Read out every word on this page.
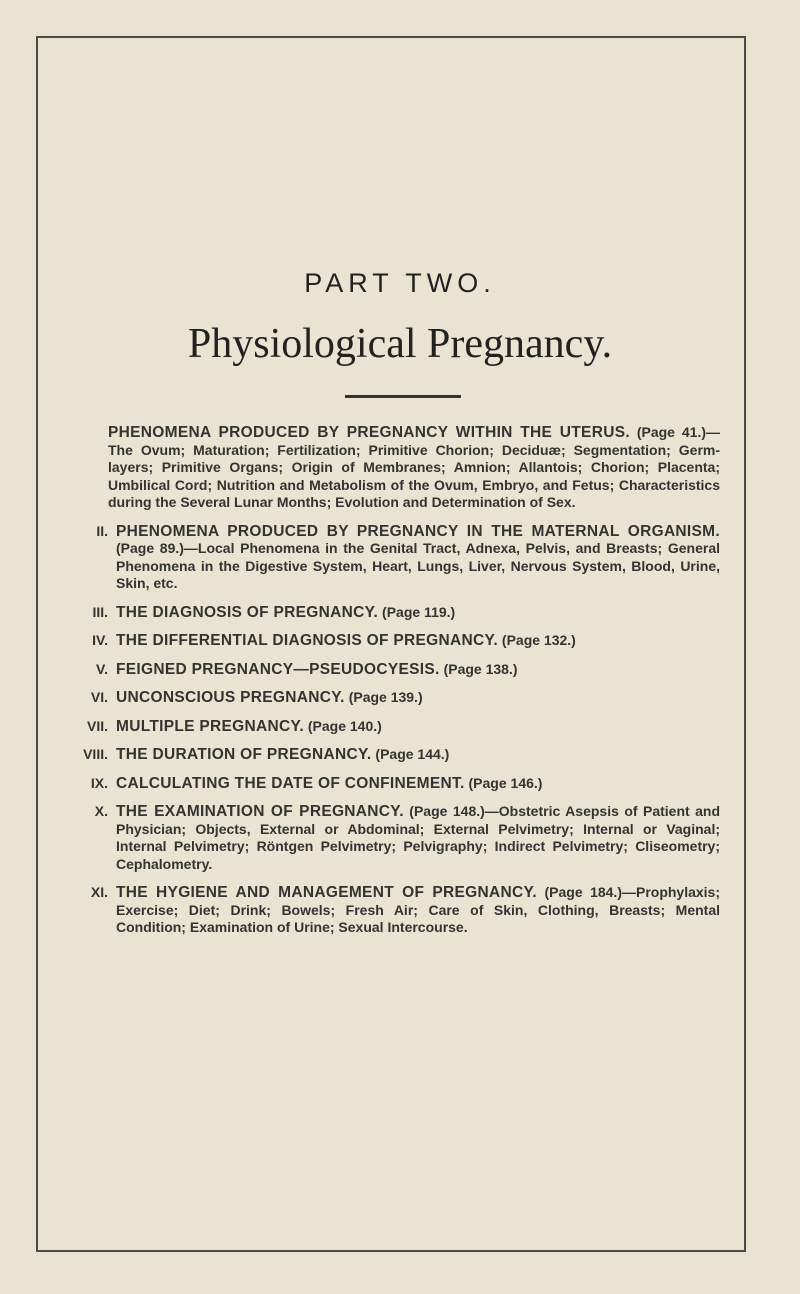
PART TWO.
Physiological Pregnancy.
PHENOMENA PRODUCED BY PREGNANCY WITHIN THE UTERUS. (Page 41.)—The Ovum; Maturation; Fertilization; Primitive Chorion; Deciduæ; Segmentation; Germ-layers; Primitive Organs; Origin of Membranes; Amnion; Allantois; Chorion; Placenta; Umbilical Cord; Nutrition and Metabolism of the Ovum, Embryo, and Fetus; Characteristics during the Several Lunar Months; Evolution and Determination of Sex.
II. PHENOMENA PRODUCED BY PREGNANCY IN THE MATERNAL ORGANISM. (Page 89.)—Local Phenomena in the Genital Tract, Adnexa, Pelvis, and Breasts; General Phenomena in the Digestive System, Heart, Lungs, Liver, Nervous System, Blood, Urine, Skin, etc.
III. THE DIAGNOSIS OF PREGNANCY. (Page 119.)
IV. THE DIFFERENTIAL DIAGNOSIS OF PREGNANCY. (Page 132.)
V. FEIGNED PREGNANCY—PSEUDOCYESIS. (Page 138.)
VI. UNCONSCIOUS PREGNANCY. (Page 139.)
VII. MULTIPLE PREGNANCY. (Page 140.)
VIII. THE DURATION OF PREGNANCY. (Page 144.)
IX. CALCULATING THE DATE OF CONFINEMENT. (Page 146.)
X. THE EXAMINATION OF PREGNANCY. (Page 148.)—Obstetric Asepsis of Patient and Physician; Objects, External or Abdominal; External Pelvimetry; Internal or Vaginal; Internal Pelvimetry; Röntgen Pelvimetry; Pelvigraphy; Indirect Pelvimetry; Cliseometry; Cephalometry.
XI. THE HYGIENE AND MANAGEMENT OF PREGNANCY. (Page 184.)—Prophylaxis; Exercise; Diet; Drink; Bowels; Fresh Air; Care of Skin, Clothing, Breasts; Mental Condition; Examination of Urine; Sexual Intercourse.
